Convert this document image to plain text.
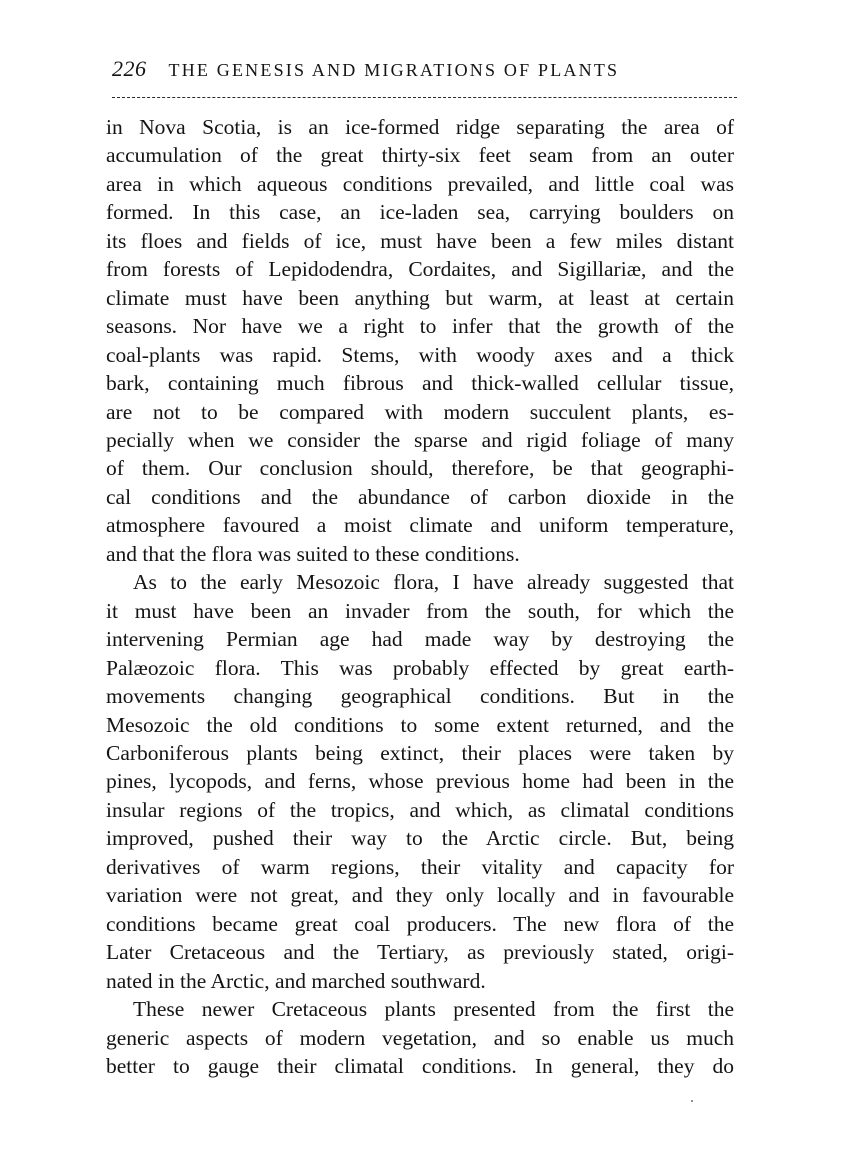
226 THE GENESIS AND MIGRATIONS OF PLANTS

in Nova Scotia, is an ice-formed ridge separating the area of
accumulation of the great thirty-six feet seam from an outer
area in which aqueous conditions prevailed, and little coal was
formed. In this case, an ice-laden sea, carrying boulders on
its floes and fields of ice, must have been a few miles distant
from forests of Lepidodendra, Cordaites, and Sigillariæ, and the
climate must have been anything but warm, at least at certain
seasons. Nor have we a right to infer that the growth of the
coal-plants was rapid. Stems, with woody axes and a thick
bark, containing much fibrous and thick-walled cellular tissue,
are not to be compared with modern succulent plants, es-
pecially when we consider the sparse and rigid foliage of many
of them. Our conclusion should, therefore, be that geographi-
cal conditions and the abundance of carbon dioxide in the
atmosphere favoured a moist climate and uniform temperature,
and that the flora was suited to these conditions.

As to the early Mesozoic flora, I have already suggested that
it must have been an invader from the south, for which the
intervening Permian age had made way by destroying the
Palæozoic flora. This was probably effected by great earth-
movements changing geographical conditions. But in the
Mesozoic the old conditions to some extent returned, and the
Carboniferous plants being extinct, their places were taken by
pines, lycopods, and ferns, whose previous home had been in the
insular regions of the tropics, and which, as climatal conditions
improved, pushed their way to the Arctic circle. But, being
derivatives of warm regions, their vitality and capacity for
variation were not great, and they only locally and in favourable
conditions became great coal producers. The new flora of the
Later Cretaceous and the Tertiary, as previously stated, origi-
nated in the Arctic, and marched southward.

These newer Cretaceous plants presented from the first the
generic aspects of modern vegetation, and so enable us much
better to gauge their climatal conditions. In general, they do
